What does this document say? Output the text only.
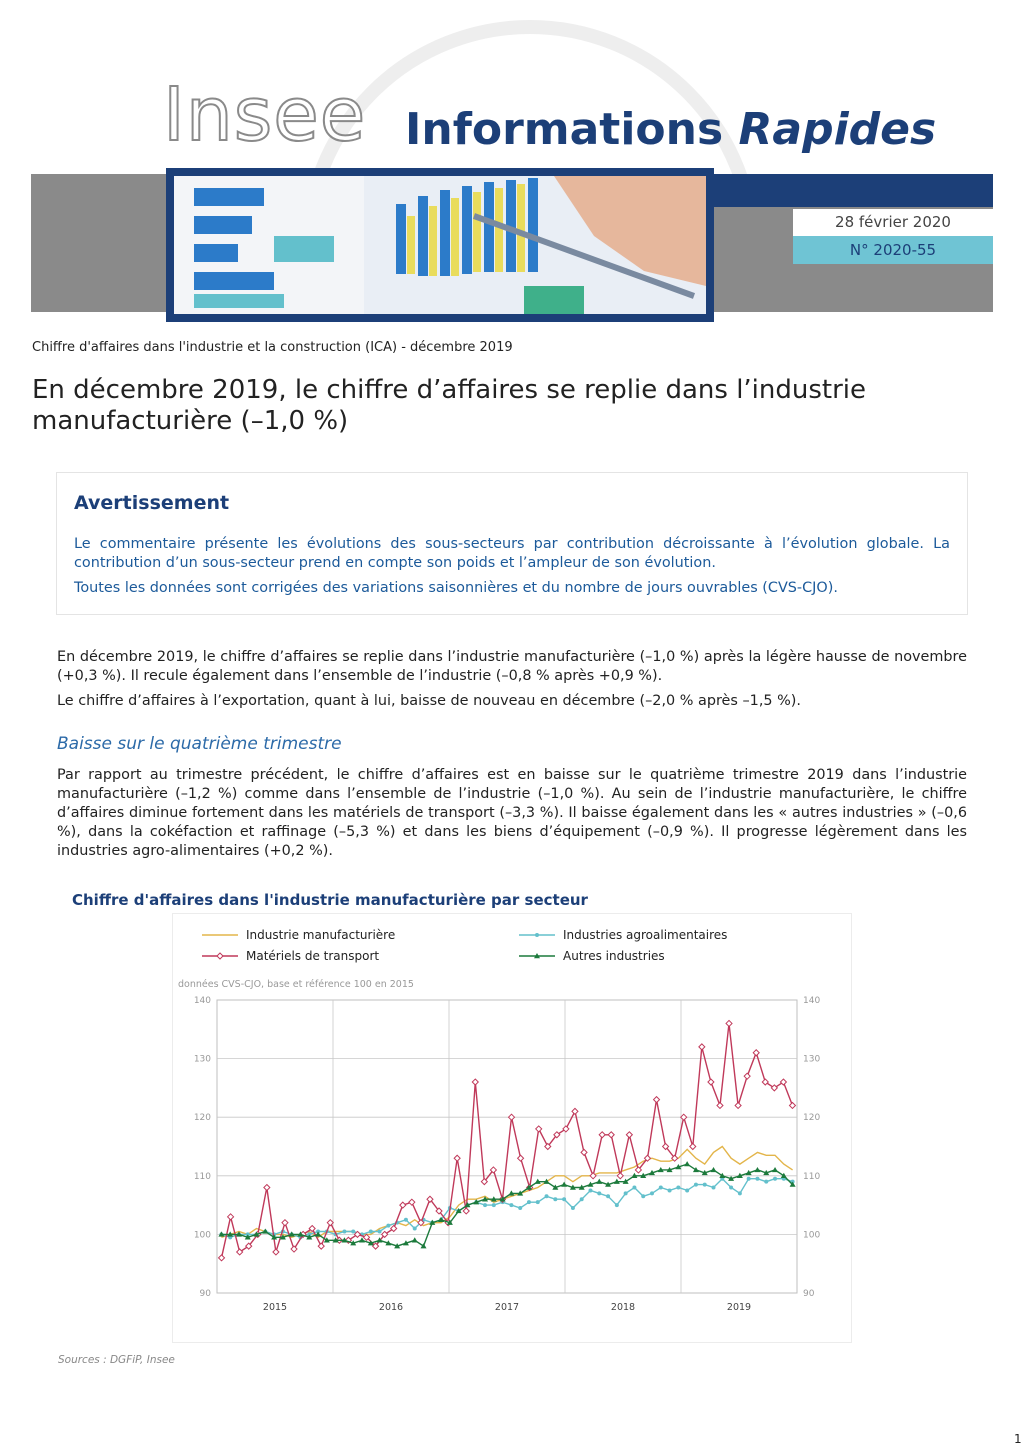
Insee Informations Rapides
28 février 2020
N° 2020-55
Chiffre d'affaires dans l'industrie et la construction (ICA) - décembre 2019
En décembre 2019, le chiffre d’affaires se replie dans l’industrie manufacturière (–1,0 %)
Avertissement
Le commentaire présente les évolutions des sous-secteurs par contribution décroissante à l’évolution globale. La contribution d’un sous-secteur prend en compte son poids et l’ampleur de son évolution.
Toutes les données sont corrigées des variations saisonnières et du nombre de jours ouvrables (CVS-CJO).
En décembre 2019, le chiffre d’affaires se replie dans l’industrie manufacturière (–1,0 %) après la légère hausse de novembre (+0,3 %). Il recule également dans l’ensemble de l’industrie (–0,8 % après +0,9 %).
Le chiffre d’affaires à l’exportation, quant à lui, baisse de nouveau en décembre (–2,0 % après –1,5 %).
Baisse sur le quatrième trimestre
Par rapport au trimestre précédent, le chiffre d’affaires est en baisse sur le quatrième trimestre 2019 dans l’industrie manufacturière (–1,2 %) comme dans l’ensemble de l’industrie (–1,0 %). Au sein de l’industrie manufacturière, le chiffre d’affaires diminue fortement dans les matériels de transport (–3,3 %). Il baisse également dans les « autres industries » (–0,6 %), dans la cokéfaction et raffinage (–5,3 %) et dans les biens d’équipement (–0,9 %). Il progresse légèrement dans les industries agro-alimentaires (+0,2 %).
Chiffre d'affaires dans l'industrie manufacturière par secteur
90	90
100	100
110	110
120	120
130	130
140	140
2015	2016	2017	2018	2019
données CVS-CJO, base et référence 100 en 2015
Industrie manufacturière	Industries agroalimentaires
Matériels de transport	Autres industries
Sources : DGFiP, Insee
1
